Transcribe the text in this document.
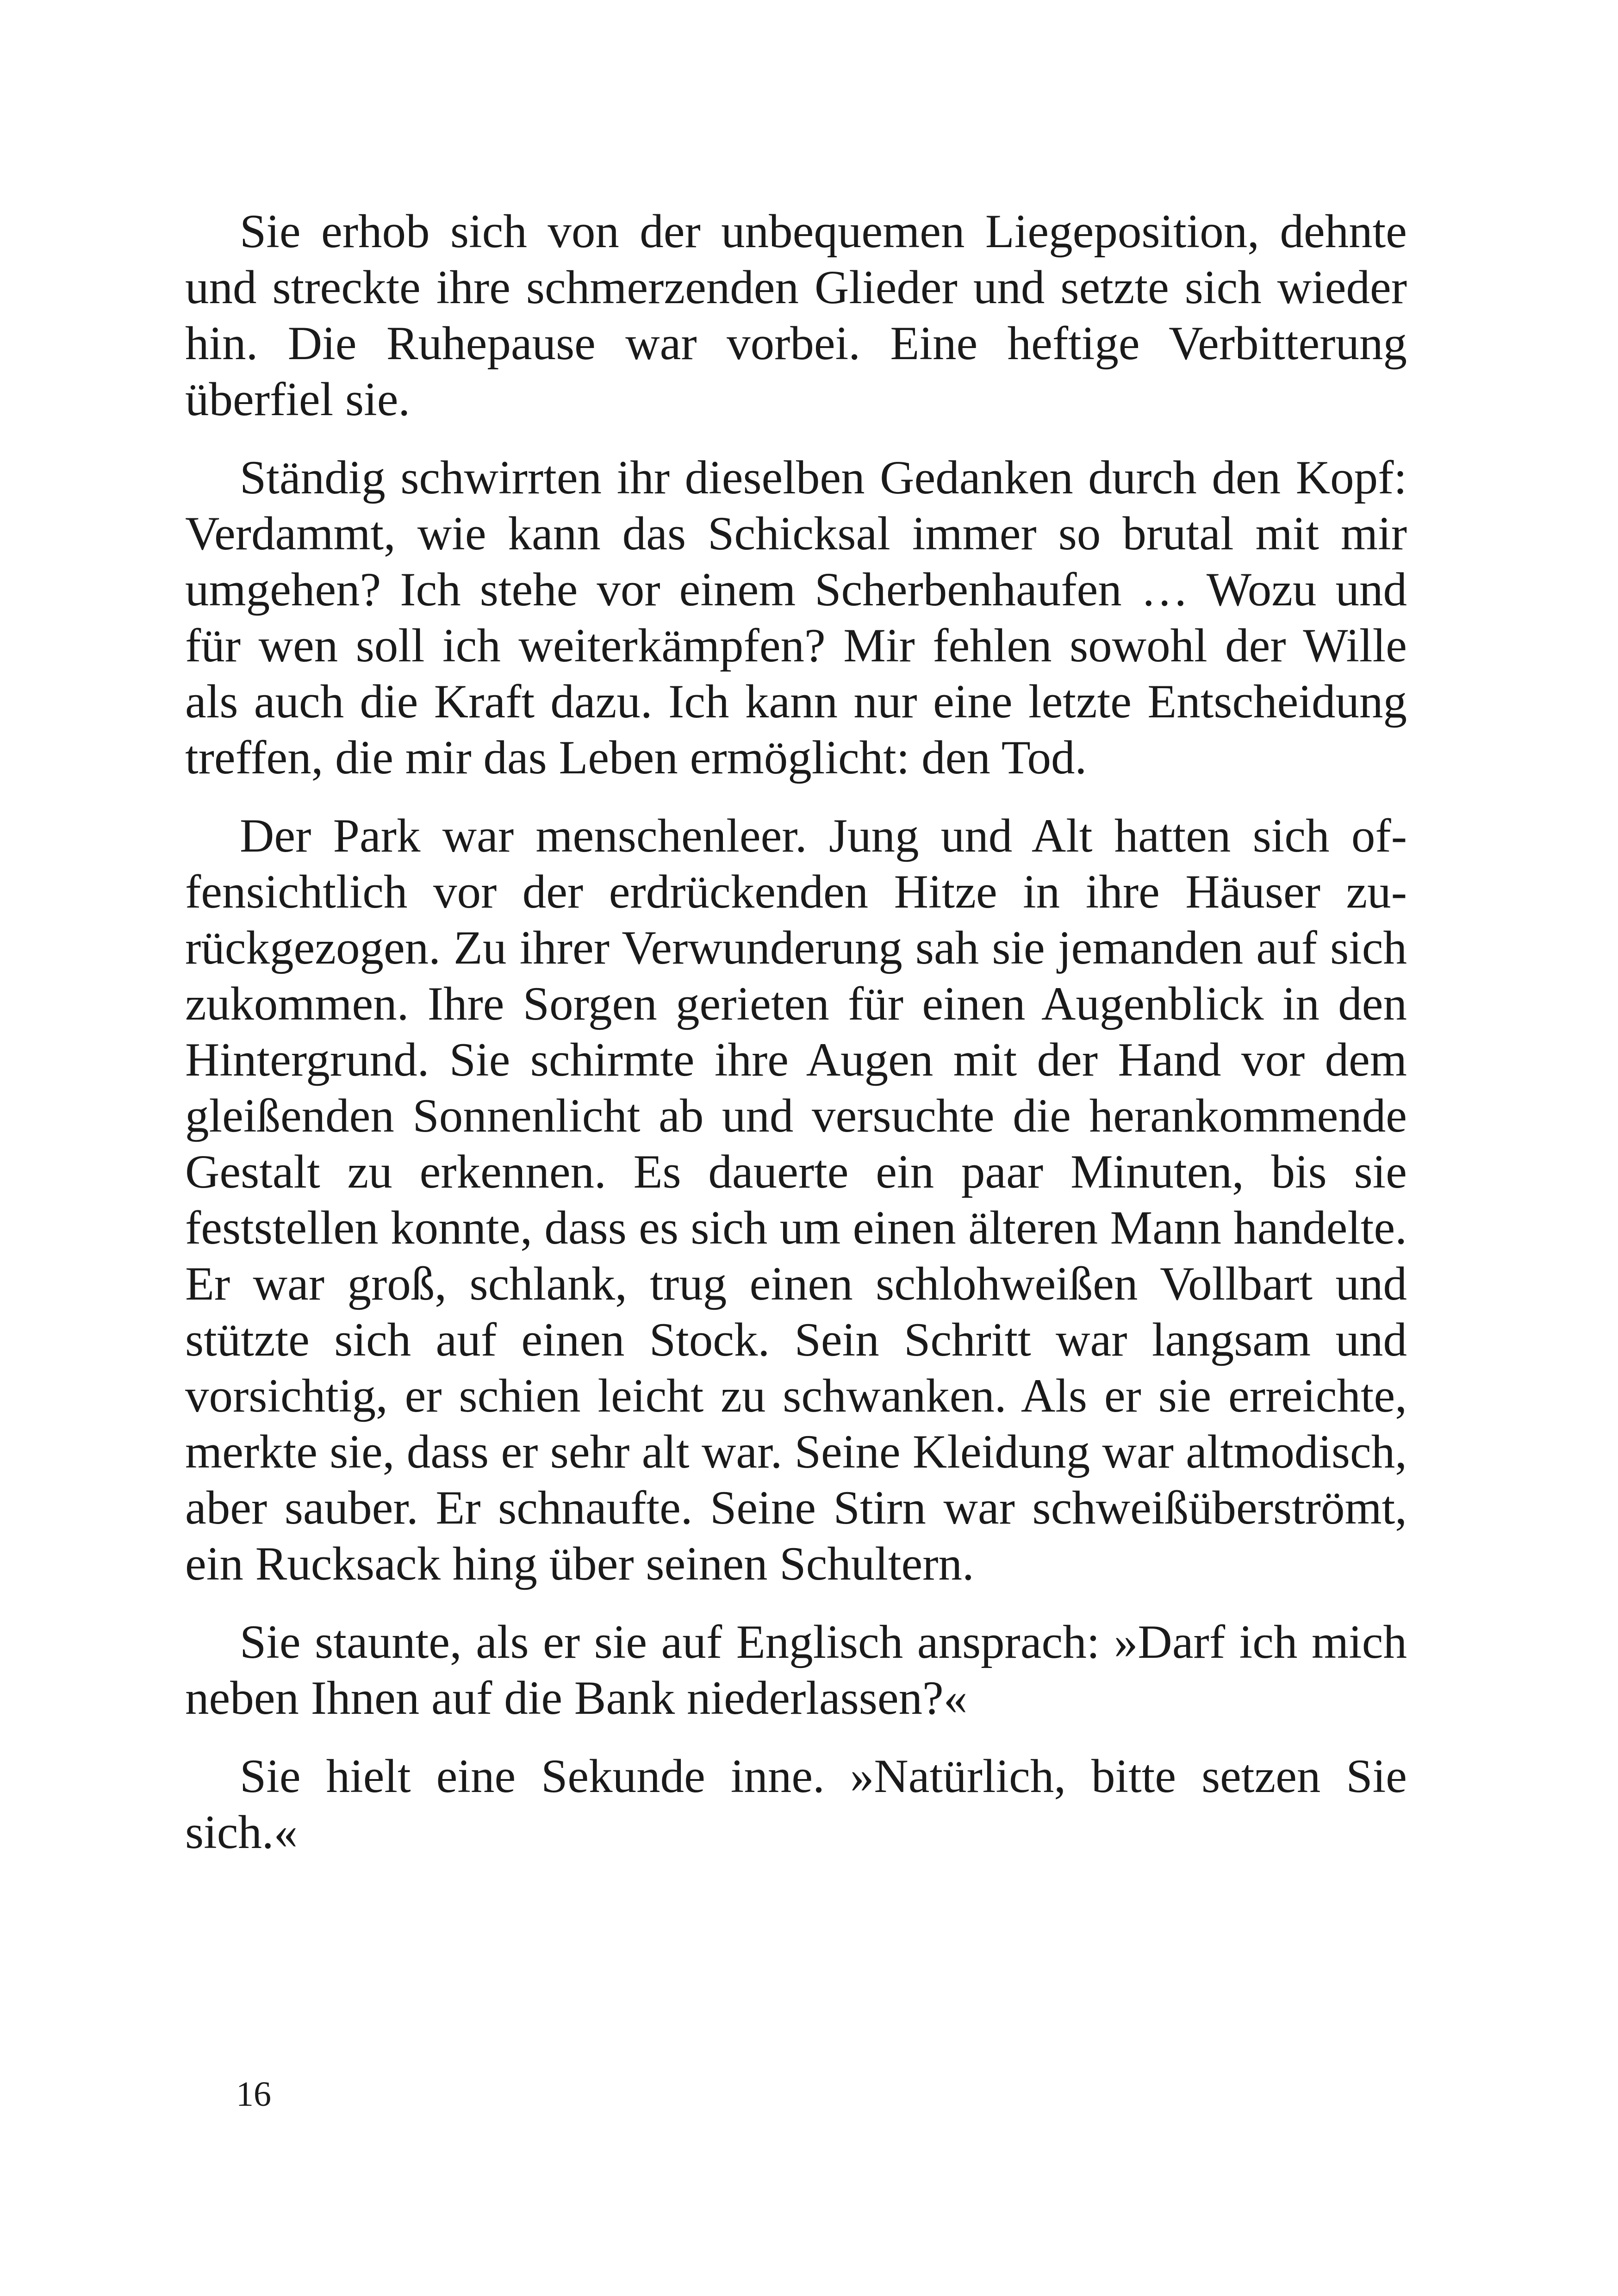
Sie erhob sich von der unbequemen Liegeposition, dehnte und streckte ihre schmerzenden Glieder und setzte sich wieder hin. Die Ruhepause war vorbei. Eine heftige Verbitterung überfiel sie.

Ständig schwirrten ihr dieselben Gedanken durch den Kopf: Verdammt, wie kann das Schicksal immer so brutal mit mir umgehen? Ich stehe vor einem Scherbenhaufen … Wozu und für wen soll ich weiterkämpfen? Mir fehlen sowohl der Wille als auch die Kraft dazu. Ich kann nur eine letzte Entscheidung treffen, die mir das Leben ermöglicht: den Tod.

Der Park war menschenleer. Jung und Alt hatten sich offensichtlich vor der erdrückenden Hitze in ihre Häuser zurückgezogen. Zu ihrer Verwunderung sah sie jemanden auf sich zukommen. Ihre Sorgen gerieten für einen Augenblick in den Hintergrund. Sie schirmte ihre Augen mit der Hand vor dem gleißenden Sonnenlicht ab und versuchte die herankommende Gestalt zu erkennen. Es dauerte ein paar Minuten, bis sie feststellen konnte, dass es sich um einen älteren Mann handelte. Er war groß, schlank, trug einen schlohweißen Vollbart und stützte sich auf einen Stock. Sein Schritt war langsam und vorsichtig, er schien leicht zu schwanken. Als er sie erreichte, merkte sie, dass er sehr alt war. Seine Kleidung war altmodisch, aber sauber. Er schnaufte. Seine Stirn war schweißüberströmt, ein Rucksack hing über seinen Schultern.

Sie staunte, als er sie auf Englisch ansprach: »Darf ich mich neben Ihnen auf die Bank niederlassen?«

Sie hielt eine Sekunde inne. »Natürlich, bitte setzen Sie sich.«

16
